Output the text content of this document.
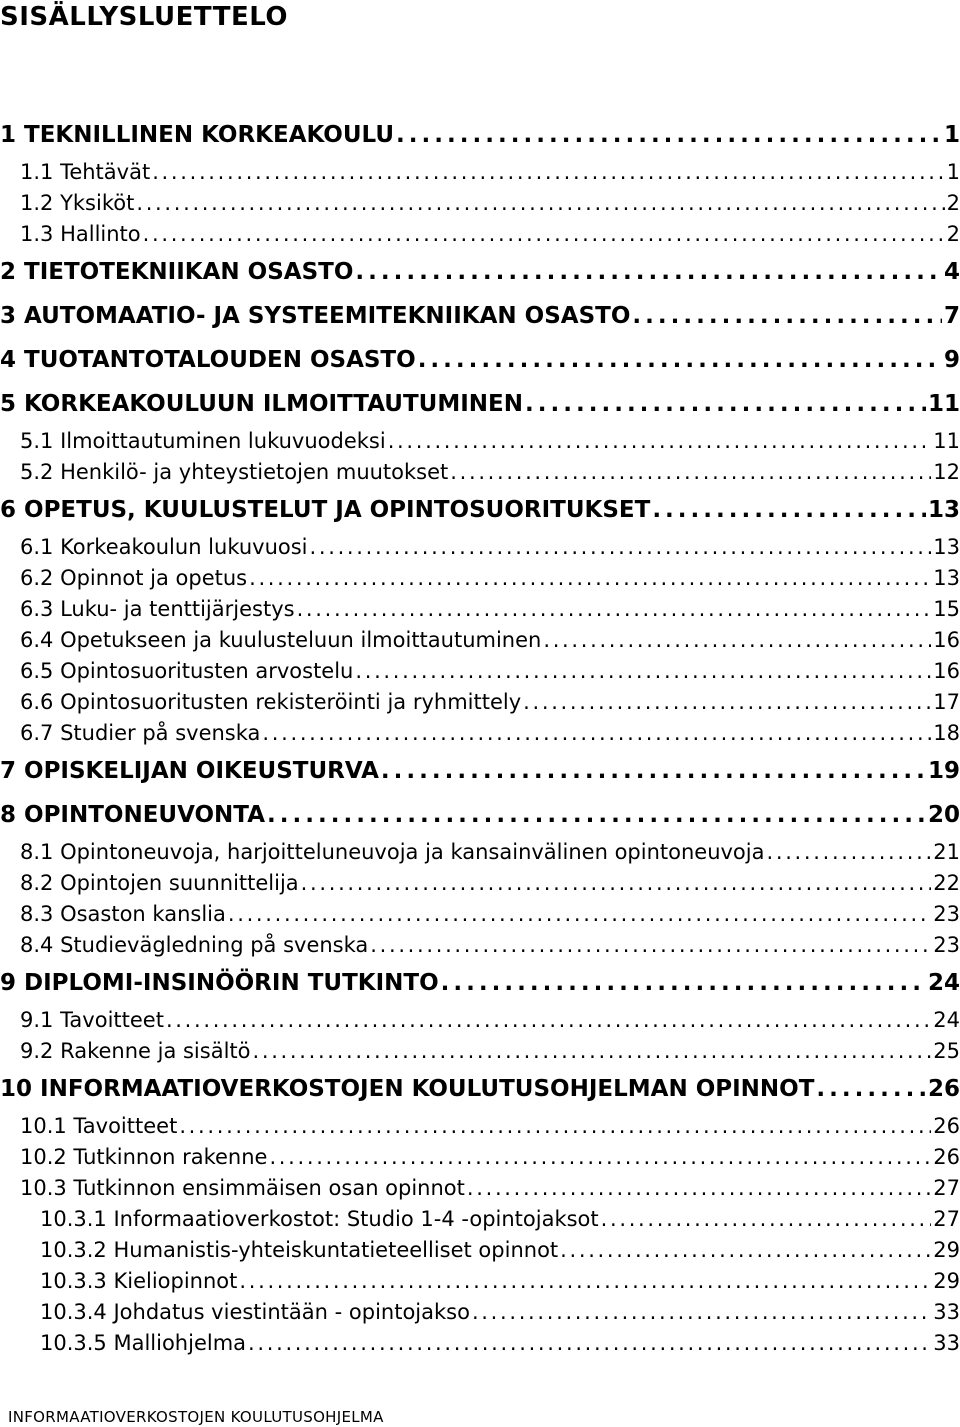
SISÄLLYSLUETTELO
1 TEKNILLINEN KORKEAKOULU . . .	1
1.1 Tehtävät . . .	1
1.2 Yksiköt . . .	2
1.3 Hallinto . . .	2
2 TIETOTEKNIIKAN OSASTO . . .	4
3 AUTOMAATIO- JA SYSTEEMITEKNIIKAN OSASTO . . .	7
4 TUOTANTOTALOUDEN OSASTO . . .	9
5 KORKEAKOULUUN ILMOITTAUTUMINEN . . .	11
5.1 Ilmoittautuminen lukuvuodeksi . . .	11
5.2 Henkilö- ja yhteystietojen muutokset . . .	12
6 OPETUS, KUULUSTELUT JA OPINTOSUORITUKSET . . .	13
6.1 Korkeakoulun lukuvuosi . . .	13
6.2 Opinnot ja opetus . . .	13
6.3 Luku- ja tenttijärjestys . . .	15
6.4 Opetukseen ja kuulusteluun ilmoittautuminen . . .	16
6.5 Opintosuoritusten arvostelu . . .	16
6.6 Opintosuoritusten rekisteröinti ja ryhmittely . . .	17
6.7 Studier på svenska . . .	18
7 OPISKELIJAN OIKEUSTURVA . . .	19
8 OPINTONEUVONTA . . .	20
8.1 Opintoneuvoja, harjoitteluneuvoja ja kansainvälinen opintoneuvoja . . .	21
8.2 Opintojen suunnittelija . . .	22
8.3 Osaston kanslia . . .	23
8.4 Studievägledning på svenska . . .	23
9 DIPLOMI-INSINÖÖRIN TUTKINTO . . .	24
9.1 Tavoitteet . . .	24
9.2 Rakenne ja sisältö . . .	25
10 INFORMAATIOVERKOSTOJEN KOULUTUSOHJELMAN OPINNOT . . .	26
10.1 Tavoitteet . . .	26
10.2 Tutkinnon rakenne . . .	26
10.3 Tutkinnon ensimmäisen osan opinnot . . .	27
10.3.1 Informaatioverkostot: Studio 1-4 -opintojaksot . . .	27
10.3.2 Humanistis-yhteiskuntatieteelliset opinnot . . .	29
10.3.3 Kieliopinnot . . .	29
10.3.4 Johdatus viestintään - opintojakso . . .	33
10.3.5 Malliohjelma . . .	33
INFORMAATIOVERKOSTOJEN KOULUTUSOHJELMA
